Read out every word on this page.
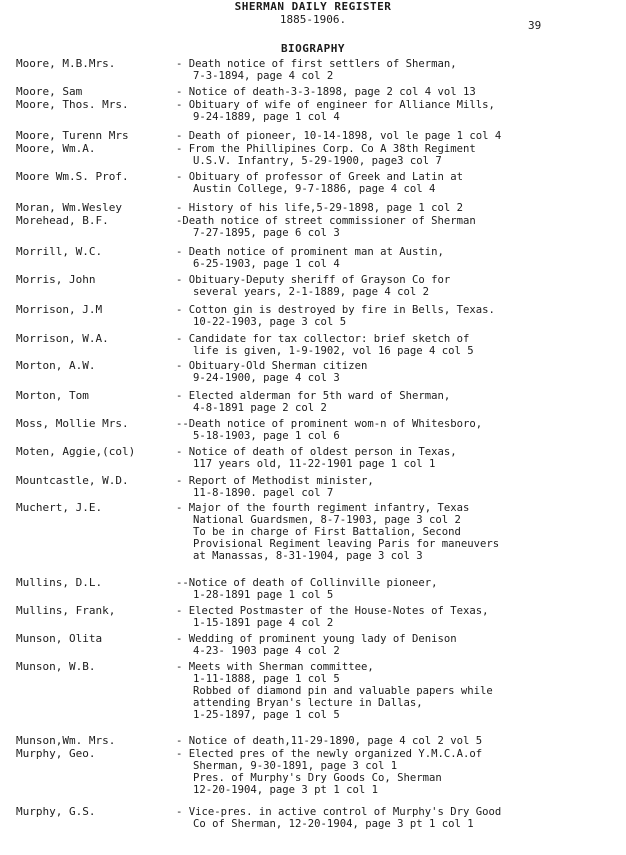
SHERMAN DAILY REGISTER
1885-1906.	39
BIOGRAPHY
Moore, M.B.Mrs.	- Death notice of first settlers of Sherman,
7-3-1894, page 4 col 2
Moore, Sam	- Notice of death-3-3-1898, page 2 col 4 vol 13
Moore, Thos. Mrs.	- Obituary of wife of engineer for Alliance Mills,
9-24-1889, page 1 col 4
Moore, Turenn Mrs	- Death of pioneer, 10-14-1898, vol le page 1 col 4
Moore, Wm.A.	- From the Phillipines Corp. Co A 38th Regiment
U.S.V. Infantry, 5-29-1900, page3 col 7
Moore Wm.S. Prof.	- Obituary of professor of Greek and Latin at
Austin College, 9-7-1886, page 4 col 4
Moran, Wm.Wesley	- History of his life,5-29-1898, page 1 col 2
Morehead, B.F.	-Death notice of street commissioner of Sherman
7-27-1895, page 6 col 3
Morrill, W.C.	- Death notice of prominent man at Austin,
6-25-1903, page 1 col 4
Morris, John	- Obituary-Deputy sheriff of Grayson Co for
several years, 2-1-1889, page 4 col 2
Morrison, J.M	- Cotton gin is destroyed by fire in Bells, Texas.
10-22-1903, page 3 col 5
Morrison, W.A.	- Candidate for tax collector: brief sketch of
life is given, 1-9-1902, vol 16 page 4 col 5
Morton, A.W.	- Obituary-Old Sherman citizen
9-24-1900, page 4 col 3
Morton, Tom	- Elected alderman for 5th ward of Sherman,
4-8-1891 page 2 col 2
Moss, Mollie Mrs.	--Death notice of prominent wom-n of Whitesboro,
5-18-1903, page 1 col 6
Moten, Aggie,(col)	- Notice of death of oldest person in Texas,
117 years old, 11-22-1901 page 1 col 1
Mountcastle, W.D.	- Report of Methodist minister,
11-8-1890. pagel col 7
Muchert, J.E.	- Major of the fourth regiment infantry, Texas
National Guardsmen, 8-7-1903, page 3 col 2
To be in charge of First Battalion, Second
Provisional Regiment leaving Paris for maneuvers
at Manassas, 8-31-1904, page 3 col 3
Mullins, D.L.	--Notice of death of Collinville pioneer,
1-28-1891 page 1 col 5
Mullins, Frank,	- Elected Postmaster of the House-Notes of Texas,
1-15-1891 page 4 col 2
Munson, Olita	- Wedding of prominent young lady of Denison
4-23- 1903 page 4 col 2
Munson, W.B.	- Meets with Sherman committee,
1-11-1888, page 1 col 5
Robbed of diamond pin and valuable papers while
attending Bryan's lecture in Dallas,
1-25-1897, page 1 col 5
Munson,Wm. Mrs.	- Notice of death,11-29-1890, page 4 col 2 vol 5
Murphy, Geo.	- Elected pres of the newly organized Y.M.C.A.of
Sherman, 9-30-1891, page 3 col 1
Pres. of Murphy's Dry Goods Co, Sherman
12-20-1904, page 3 pt 1 col 1
Murphy, G.S.	- Vice-pres. in active control of Murphy's Dry Good
Co of Sherman, 12-20-1904, page 3 pt 1 col 1
